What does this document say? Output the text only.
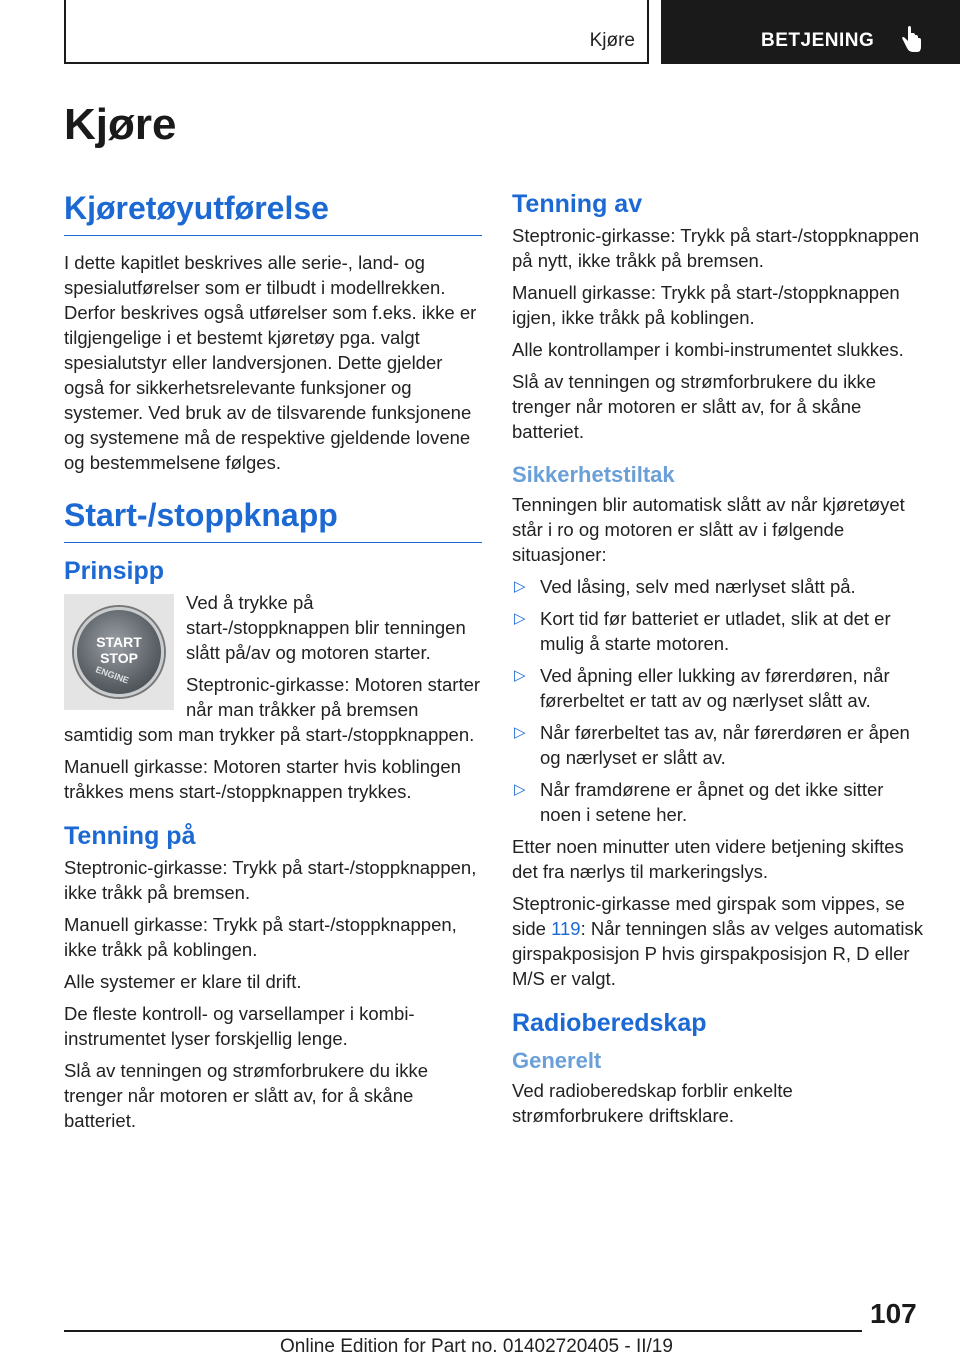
Kjøre	BETJENING
Kjøre
Kjøretøyutførelse

I dette kapitlet beskrives alle serie-, land- og spesialutførelser som er tilbudt i modellrekken. Derfor beskrives også utførelser som f.eks. ikke er tilgjengelige i et bestemt kjøretøy pga. valgt spesialutstyr eller landversjonen. Dette gjelder også for sikkerhetsrelevante funksjoner og systemer. Ved bruk av de tilsvarende funksjonene og systemene må de respektive gjeldende lovene og bestemmelsene følges.

Start-/stoppknapp
Prinsipp
START
STOP
ENGINE

Ved å trykke på start-/stoppknappen blir tenningen slått på/av og motoren starter.

Steptronic-girkasse: Motoren starter når man tråkker på bremsen samtidig som man trykker på start-/stoppknappen.

Manuell girkasse: Motoren starter hvis koblingen tråkkes mens start-/stoppknappen trykkes.

Tenning på

Steptronic-girkasse: Trykk på start-/stoppknappen, ikke tråkk på bremsen.

Manuell girkasse: Trykk på start-/stoppknappen, ikke tråkk på koblingen.

Alle systemer er klare til drift.

De fleste kontroll- og varsellamper i kombi-instrumentet lyser forskjellig lenge.

Slå av tenningen og strømforbrukere du ikke trenger når motoren er slått av, for å skåne batteriet.

Tenning av

Steptronic-girkasse: Trykk på start-/stoppknappen på nytt, ikke tråkk på bremsen.

Manuell girkasse: Trykk på start-/stoppknappen igjen, ikke tråkk på koblingen.

Alle kontrollamper i kombi-instrumentet slukkes.

Slå av tenningen og strømforbrukere du ikke trenger når motoren er slått av, for å skåne batteriet.

Sikkerhetstiltak

Tenningen blir automatisk slått av når kjøretøyet står i ro og motoren er slått av i følgende situasjoner:

▷ Ved låsing, selv med nærlyset slått på.
▷ Kort tid før batteriet er utladet, slik at det er mulig å starte motoren.
▷ Ved åpning eller lukking av førerdøren, når førerbeltet er tatt av og nærlyset slått av.
▷ Når førerbeltet tas av, når førerdøren er åpen og nærlyset er slått av.
▷ Når framdørene er åpnet og det ikke sitter noen i setene her.

Etter noen minutter uten videre betjening skiftes det fra nærlys til markeringslys.

Steptronic-girkasse med girspak som vippes, se side 119: Når tenningen slås av velges automatisk girspakposisjon P hvis girspakposisjon R, D eller M/S er valgt.

Radioberedskap
Generelt

Ved radioberedskap forblir enkelte strømforbrukere driftsklare.

107
Online Edition for Part no. 01402720405 - II/19
